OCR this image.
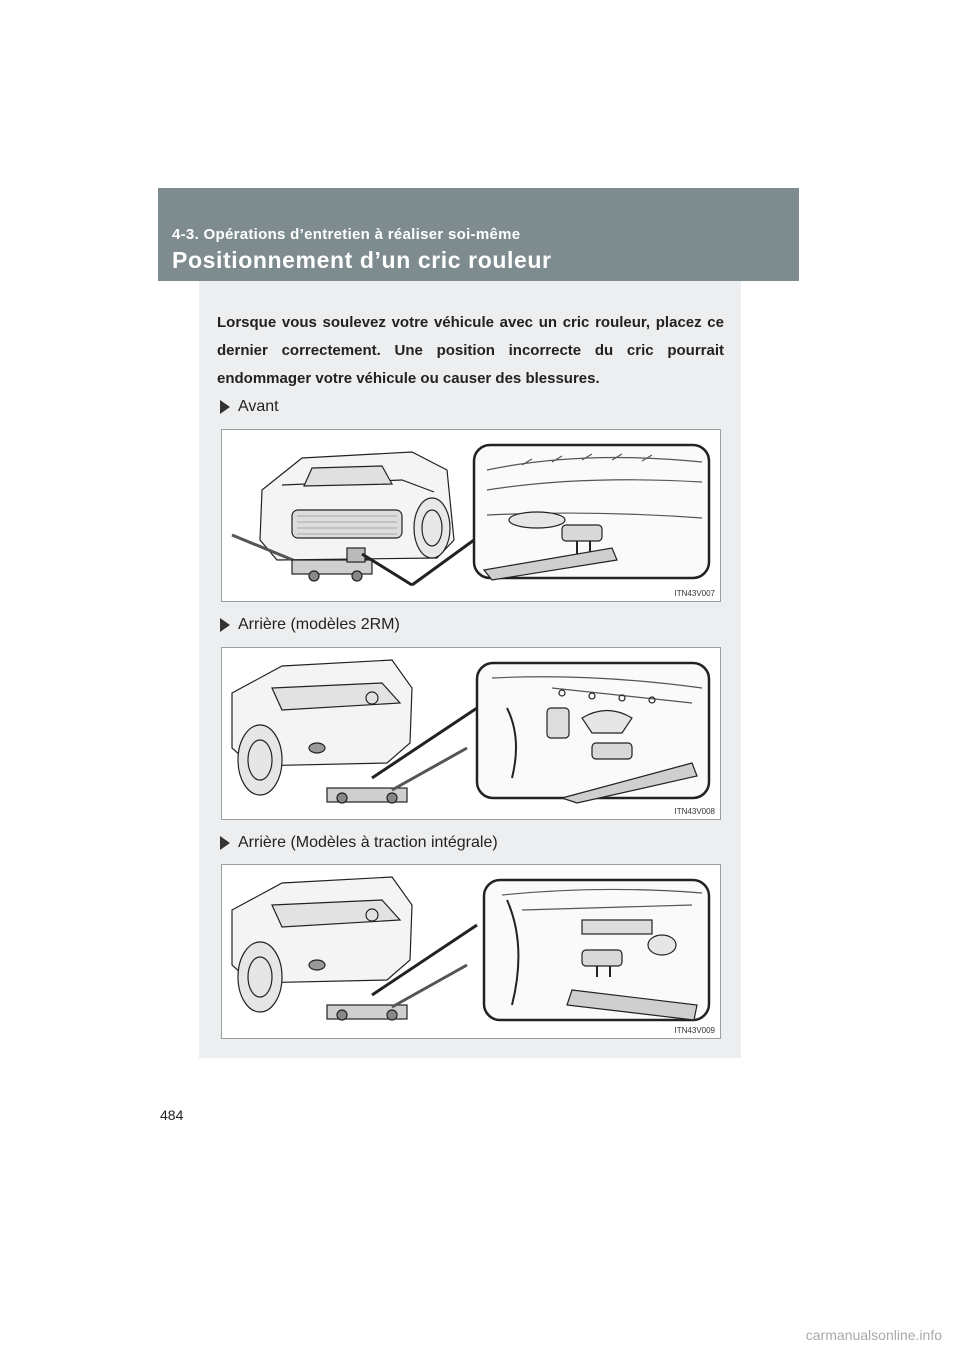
4-3. Opérations d’entretien à réaliser soi-même
Positionnement d’un cric rouleur

Lorsque vous soulevez votre véhicule avec un cric rouleur, placez ce dernier correctement. Une position incorrecte du cric pourrait endommager votre véhicule ou causer des blessures.

Avant
ITN43V007
Arrière (modèles 2RM)
ITN43V008
Arrière (Modèles à traction intégrale)
ITN43V009
484
carmanualsonline.info
